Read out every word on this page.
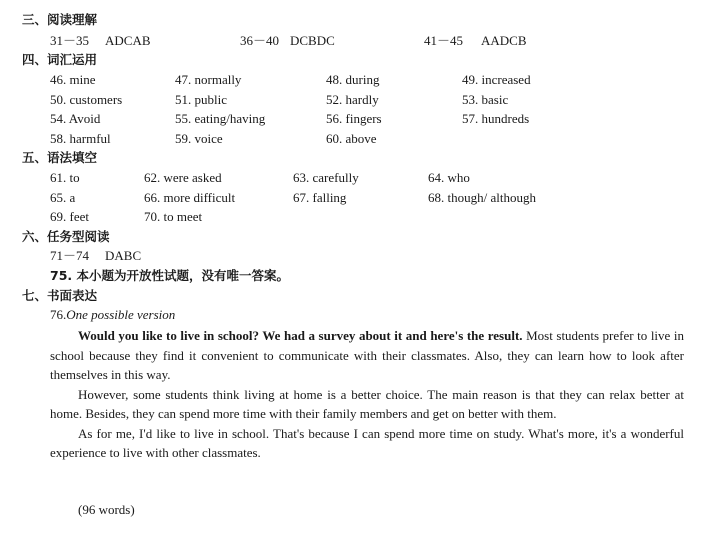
三、阅读理解
31－35 ADCAB	36－40 DCBDC	41－45 AADCB
四、词汇运用
46. mine	47. normally	48. during	49. increased
50. customers	51. public	52. hardly	53. basic
54. Avoid	55. eating/having	56. fingers	57. hundreds
58. harmful	59. voice	60. above
五、语法填空
61. to	62. were asked	63. carefully	64. who
65. a	66. more difficult	67. falling	68. though/ although
69. feet	70. to meet
六、任务型阅读
71－74 DABC
75. 本小题为开放性试题，没有唯一答案。
七、书面表达
76.One possible version

Would you like to live in school? We had a survey about it and here's the result. Most students prefer to live in school because they find it convenient to communicate with their classmates. Also, they can learn how to look after themselves in this way.

However, some students think living at home is a better choice. The main reason is that they can relax better at home. Besides, they can spend more time with their family members and get on better with them.

As for me, I'd like to live in school. That's because I can spend more time on study. What's more, it's a wonderful experience to live with other classmates.

(96 words)
